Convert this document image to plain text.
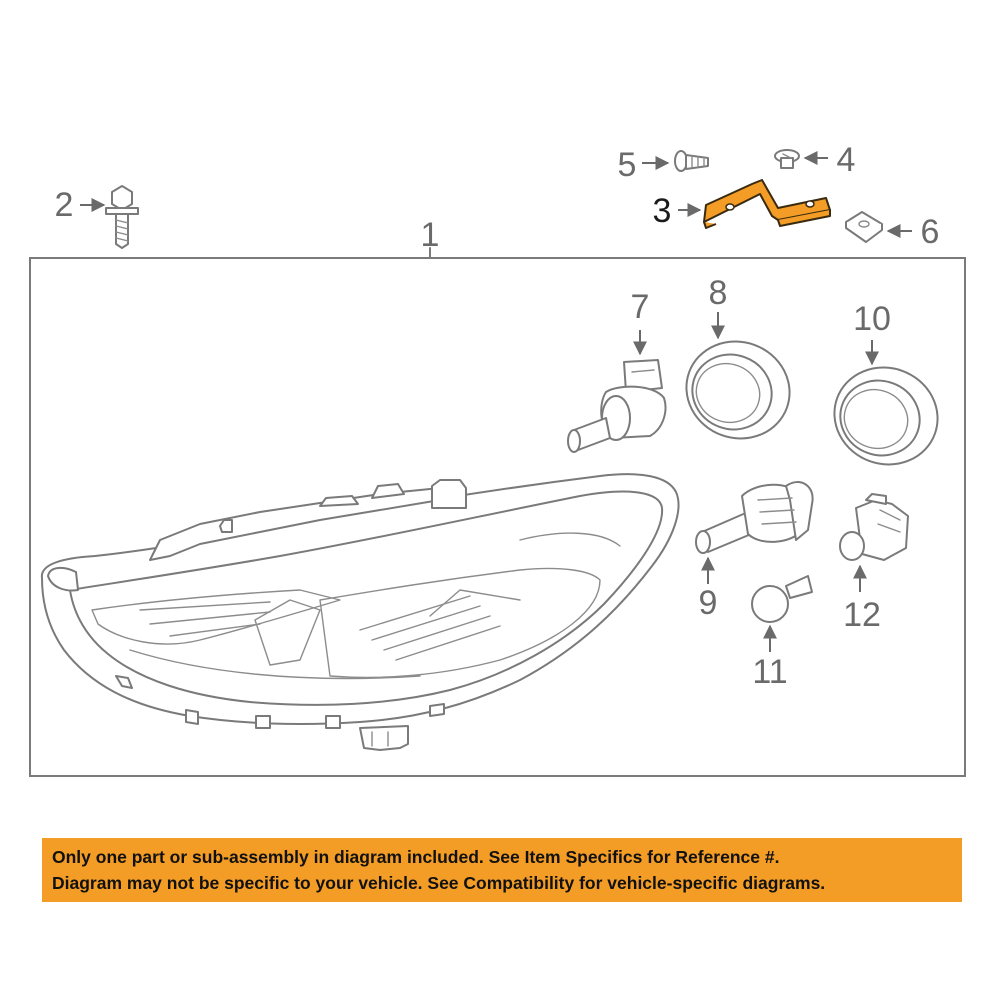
1
2
5	4
3
6
7 8
10
9
11
12
Only one part or sub-assembly in diagram included. See Item Specifics for Reference #.
Diagram may not be specific to your vehicle. See Compatibility for vehicle-specific diagrams.
